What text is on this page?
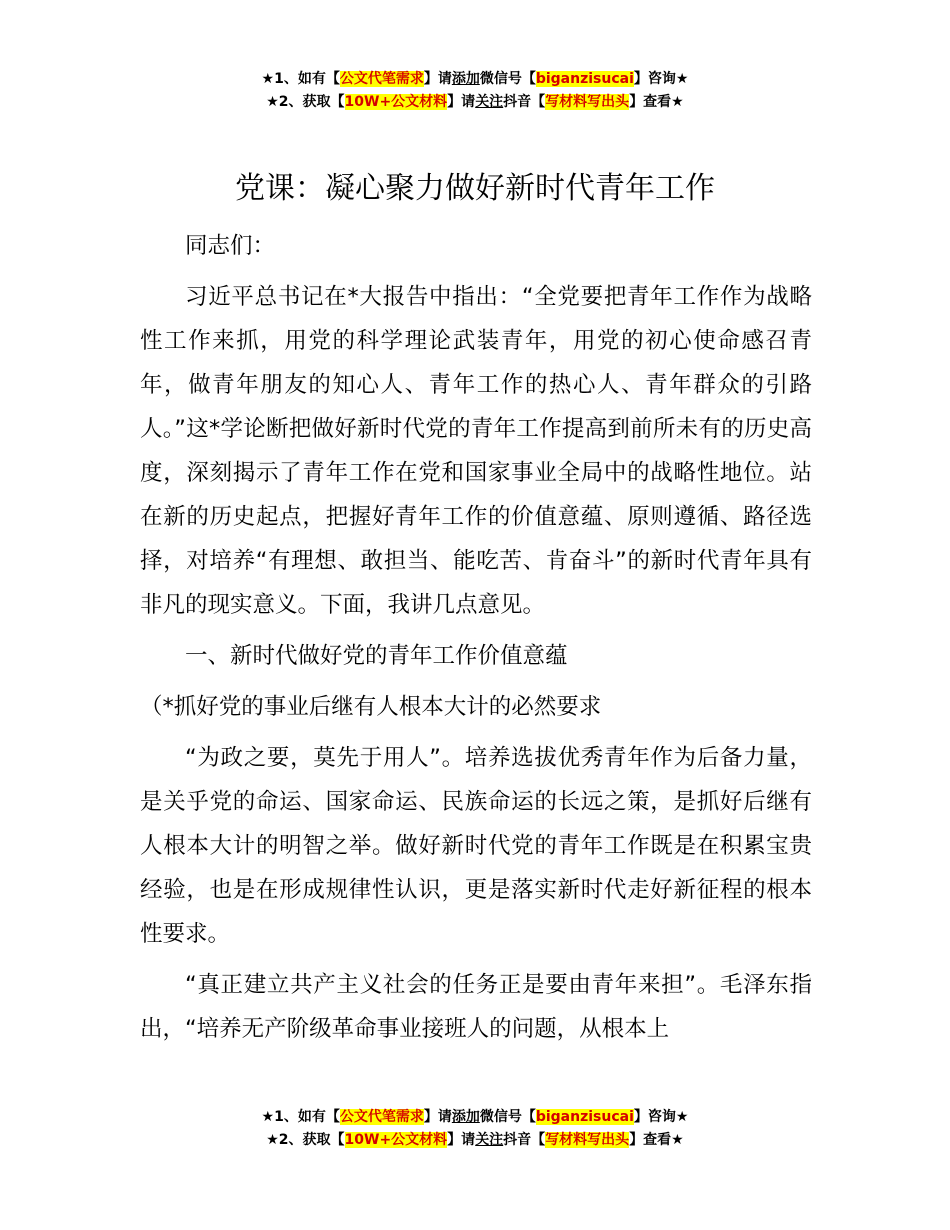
★1、如有【公文代笔需求】请添加微信号【biganzisucai】咨询★
★2、获取【10W+公文材料】请关注抖音【写材料写出头】查看★
党课：凝心聚力做好新时代青年工作

同志们：

习近平总书记在*大报告中指出：“全党要把青年工作作为战略性工作来抓，用党的科学理论武装青年，用党的初心使命感召青年，做青年朋友的知心人、青年工作的热心人、青年群众的引路人。”这*学论断把做好新时代党的青年工作提高到前所未有的历史高度，深刻揭示了青年工作在党和国家事业全局中的战略性地位。站在新的历史起点，把握好青年工作的价值意蕴、原则遵循、路径选择，对培养“有理想、敢担当、能吃苦、肯奋斗”的新时代青年具有非凡的现实意义。下面，我讲几点意见。

一、新时代做好党的青年工作价值意蕴

（*抓好党的事业后继有人根本大计的必然要求

“为政之要，莫先于用人”。培养选拔优秀青年作为后备力量，是关乎党的命运、国家命运、民族命运的长远之策，是抓好后继有人根本大计的明智之举。做好新时代党的青年工作既是在积累宝贵经验，也是在形成规律性认识，更是落实新时代走好新征程的根本性要求。

“真正建立共产主义社会的任务正是要由青年来担”。毛泽东指出，“培养无产阶级革命事业接班人的问题，从根本上

★1、如有【公文代笔需求】请添加微信号【biganzisucai】咨询★
★2、获取【10W+公文材料】请关注抖音【写材料写出头】查看★
